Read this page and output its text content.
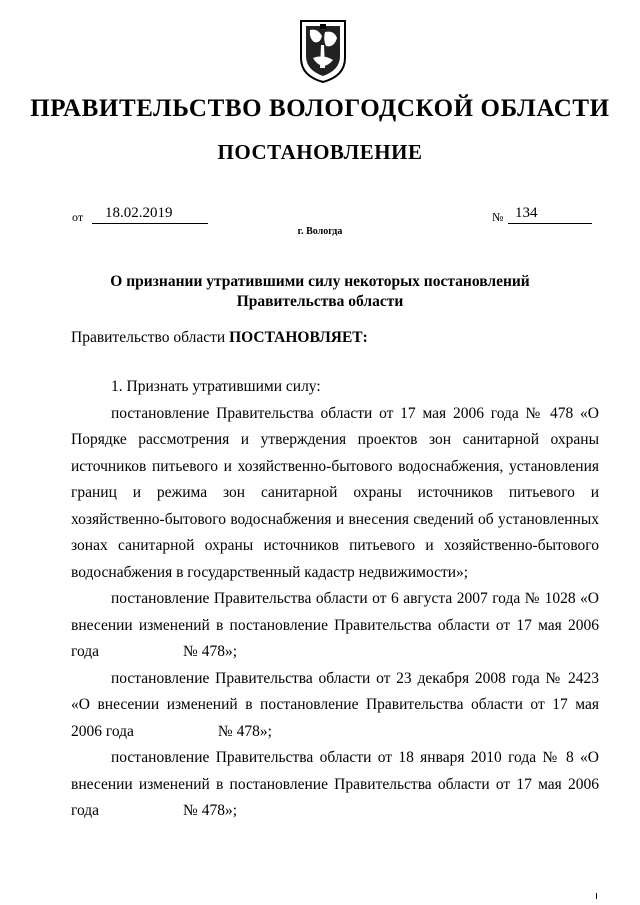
ПРАВИТЕЛЬСТВО ВОЛОГОДСКОЙ ОБЛАСТИ
ПОСТАНОВЛЕНИЕ
от 18.02.2019	№ 134
г. Вологда
О признании утратившими силу некоторых постановлений
Правительства области
Правительство области ПОСТАНОВЛЯЕТ:

1. Признать утратившими силу:

постановление Правительства области от 17 мая 2006 года № 478 «О Порядке рассмотрения и утверждения проектов зон санитарной охраны источников питьевого и хозяйственно-бытового водоснабжения, установления границ и режима зон санитарной охраны источников питьевого и хозяйственно-бытового водоснабжения и внесения сведений об установленных зонах санитарной охраны источников питьевого и хозяйственно-бытового водоснабжения в государственный кадастр недвижимости»;

постановление Правительства области от 6 августа 2007 года № 1028 «О внесении изменений в постановление Правительства области от 17 мая 2006 года	№ 478»;

постановление Правительства области от 23 декабря 2008 года № 2423 «О внесении изменений в постановление Правительства области от 17 мая 2006 года	№ 478»;

постановление Правительства области от 18 января 2010 года № 8 «О внесении изменений в постановление Правительства области от 17 мая 2006 года	№ 478»;
